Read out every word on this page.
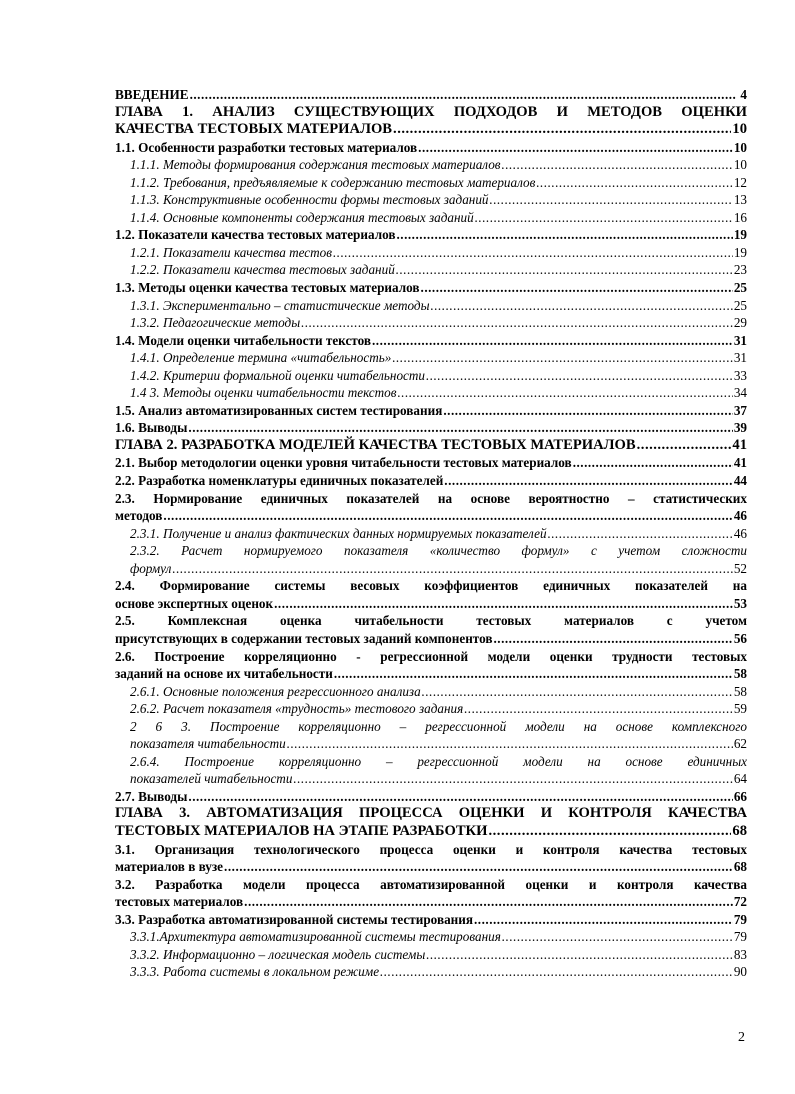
ВВЕДЕНИЕ .....	4
ГЛАВА 1. АНАЛИЗ СУЩЕСТВУЮЩИХ ПОДХОДОВ И МЕТОДОВ ОЦЕНКИ
КАЧЕСТВА ТЕСТОВЫХ МАТЕРИАЛОВ .....	10
1.1. Особенности разработки тестовых материалов .....	10
1.1.1. Методы формирования содержания тестовых материалов .....	10
1.1.2. Требования, предъявляемые к содержанию тестовых материалов .....	12
1.1.3. Конструктивные особенности формы тестовых заданий .....	13
1.1.4. Основные компоненты содержания тестовых заданий .....	16
1.2. Показатели качества тестовых материалов .....	19
1.2.1. Показатели качества тестов .....	19
1.2.2. Показатели качества тестовых заданий .....	23
1.3. Методы оценки качества тестовых материалов .....	25
1.3.1. Экспериментально – статистические методы .....	25
1.3.2. Педагогические методы .....	29
1.4. Модели оценки читабельности текстов .....	31
1.4.1. Определение термина «читабельность» .....	31
1.4.2. Критерии формальной оценки читабельности .....	33
1.4 3. Методы оценки читабельности текстов .....	34
1.5. Анализ автоматизированных систем тестирования .....	37
1.6. Выводы .....	39
ГЛАВА 2. РАЗРАБОТКА МОДЕЛЕЙ КАЧЕСТВА ТЕСТОВЫХ МАТЕРИАЛОВ .....	41
2.1. Выбор методологии оценки уровня читабельности тестовых материалов .....	41
2.2. Разработка номенклатуры единичных показателей .....	44
2.3. Нормирование единичных показателей на основе вероятностно – статистических
методов .....	46
2.3.1. Получение и анализ фактических данных нормируемых показателей .....	46
2.3.2. Расчет нормируемого показателя «количество формул» с учетом сложности
формул .....	52
2.4. Формирование системы весовых коэффициентов единичных показателей на
основе экспертных оценок .....	53
2.5. Комплексная оценка читабельности тестовых материалов с учетом
присутствующих в содержании тестовых заданий компонентов .....	56
2.6. Построение корреляционно - регрессионной модели оценки трудности тестовых
заданий на основе их читабельности .....	58
2.6.1. Основные положения регрессионного анализа .....	58
2.6.2. Расчет показателя «трудность» тестового задания .....	59
2 6 3. Построение корреляционно – регрессионной модели на основе комплексного
показателя читабельности .....	62
2.6.4. Построение корреляционно – регрессионной модели на основе единичных
показателей читабельности .....	64
2.7. Выводы .....	66
ГЛАВА 3. АВТОМАТИЗАЦИЯ ПРОЦЕССА ОЦЕНКИ И КОНТРОЛЯ КАЧЕСТВА
ТЕСТОВЫХ МАТЕРИАЛОВ НА ЭТАПЕ РАЗРАБОТКИ .....	68
3.1. Организация технологического процесса оценки и контроля качества тестовых
материалов в вузе .....	68
3.2. Разработка модели процесса автоматизированной оценки и контроля качества
тестовых материалов .....	72
3.3. Разработка автоматизированной системы тестирования .....	79
3.3.1.Архитектура автоматизированной системы тестирования .....	79
3.3.2. Информационно – логическая модель системы .....	83
3.3.3. Работа системы в локальном режиме .....	90
2
